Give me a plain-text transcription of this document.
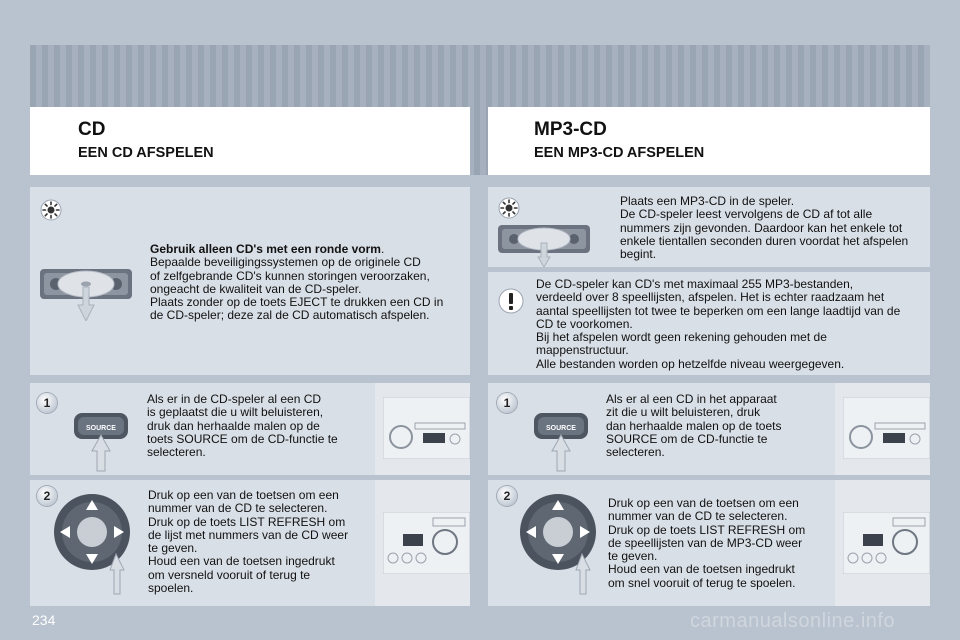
CD
EEN CD AFSPELEN
MP3-CD
EEN MP3-CD AFSPELEN
Gebruik alleen CD's met een ronde vorm.
Bepaalde beveiligingssystemen op de originele CD
of zelfgebrande CD's kunnen storingen veroorzaken,
ongeacht de kwaliteit van de CD-speler.
Plaats zonder op de toets EJECT te drukken een CD in
de CD-speler; deze zal de CD automatisch afspelen.
1
SOURCE
Als er in de CD-speler al een CD
is geplaatst die u wilt beluisteren,
druk dan herhaalde malen op de
toets SOURCE om de CD-functie te
selecteren.
2	Druk op een van de toetsen om een
nummer van de CD te selecteren.
Druk op de toets LIST REFRESH om
de lijst met nummers van de CD weer
te geven.
Houd een van de toetsen ingedrukt
om versneld vooruit of terug te
spoelen.
Plaats een MP3-CD in de speler.
De CD-speler leest vervolgens de CD af tot alle
nummers zijn gevonden. Daardoor kan het enkele tot
enkele tientallen seconden duren voordat het afspelen
begint.
De CD-speler kan CD's met maximaal 255 MP3-bestanden,
verdeeld over 8 speellijsten, afspelen. Het is echter raadzaam het
aantal speellijsten tot twee te beperken om een lange laadtijd van de
CD te voorkomen.
Bij het afspelen wordt geen rekening gehouden met de
mappenstructuur.
Alle bestanden worden op hetzelfde niveau weergegeven.
1
SOURCE
Als er al een CD in het apparaat
zit die u wilt beluisteren, druk
dan herhaalde malen op de toets
SOURCE om de CD-functie te
selecteren.
2	Druk op een van de toetsen om een
nummer van de CD te selecteren.
Druk op de toets LIST REFRESH om
de speellijsten van de MP3-CD weer
te geven.
Houd een van de toetsen ingedrukt
om snel vooruit of terug te spoelen.
234	carmanualsonline.info
